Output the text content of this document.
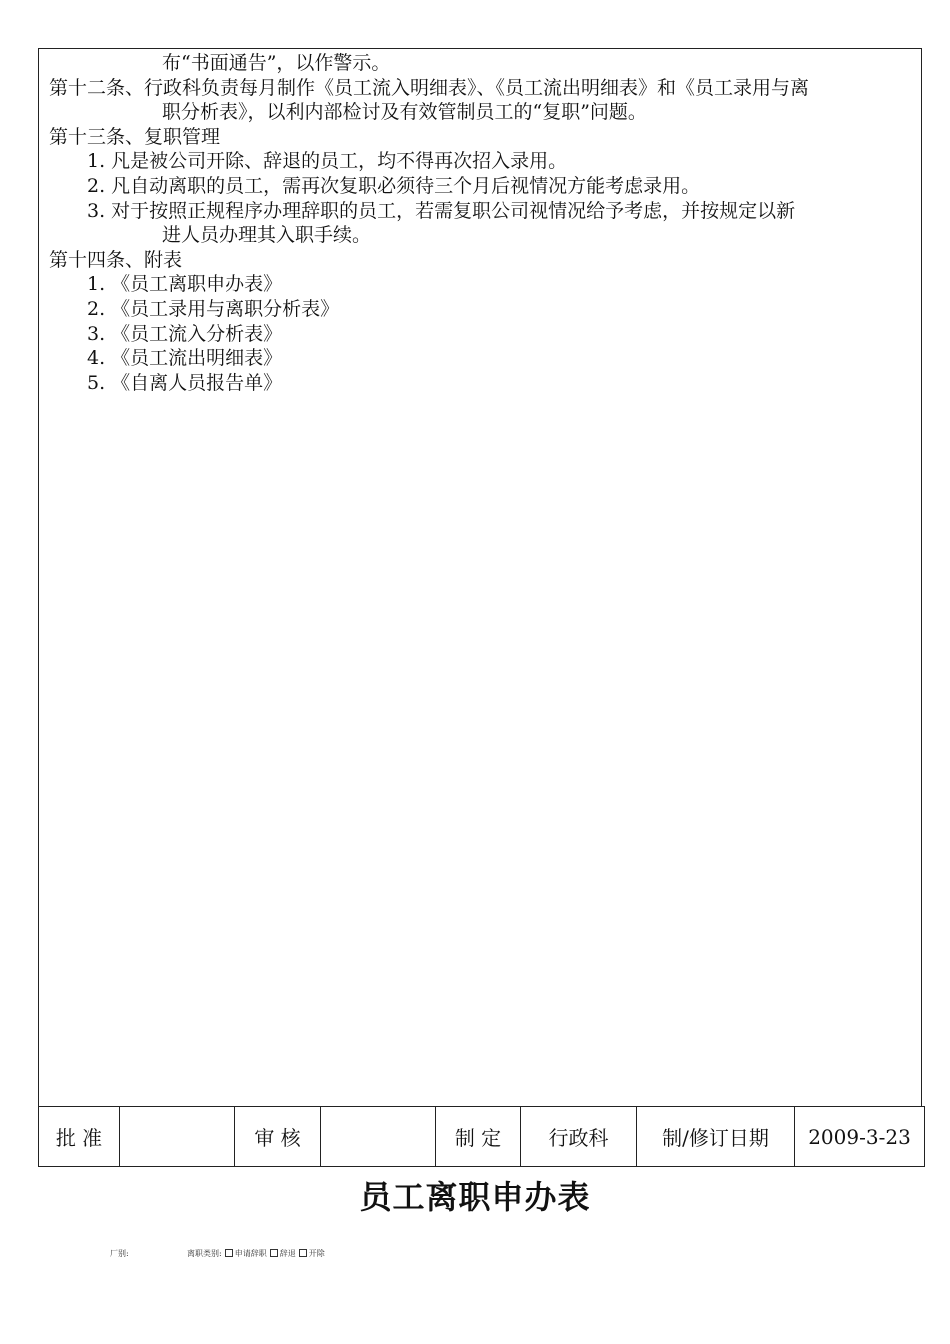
布“书面通告”，以作警示。
第十二条、行政科负责每月制作《员工流入明细表》、《员工流出明细表》和《员工录用与离
职分析表》，以利内部检讨及有效管制员工的“复职”问题。
第十三条、复职管理
1. 凡是被公司开除、辞退的员工，均不得再次招入录用。
2. 凡自动离职的员工，需再次复职必须待三个月后视情况方能考虑录用。
3. 对于按照正规程序办理辞职的员工，若需复职公司视情况给予考虑，并按规定以新
进人员办理其入职手续。
第十四条、附表
1. 《员工离职申办表》
2. 《员工录用与离职分析表》
3. 《员工流入分析表》
4. 《员工流出明细表》
5. 《自离人员报告单》
批 准		审 核		制 定	行政科	制/修订日期	2009-3-23
员工离职申办表
厂别:	离职类别: 申请辞职 辞退 开除
